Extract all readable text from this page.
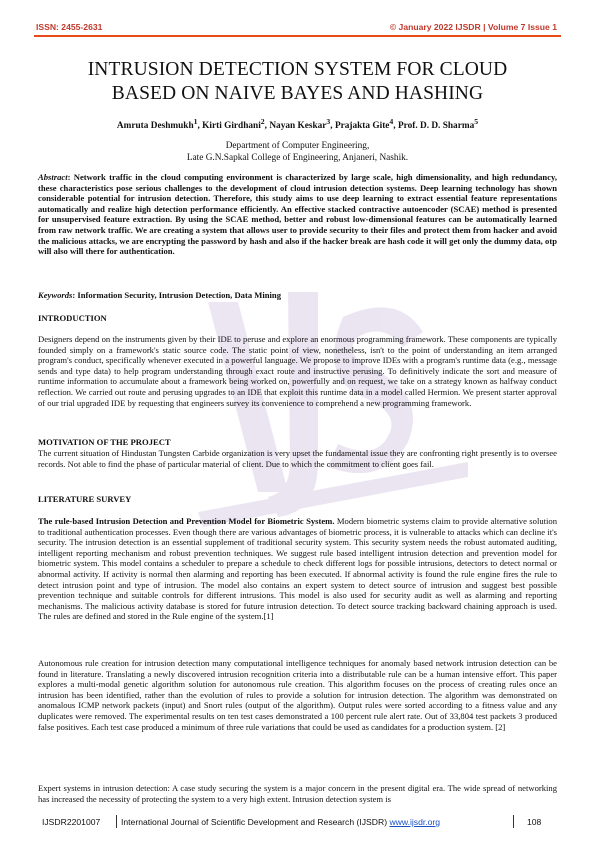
ISSN: 2455-2631	© January 2022 IJSDR | Volume 7 Issue 1
INTRUSION DETECTION SYSTEM FOR CLOUD
BASED ON NAIVE BAYES AND HASHING
Amruta Deshmukh$^1$, Kirti Girdhani$^2$, Nayan Keskar$^3$, Prajakta Gite$^4$, Prof. D. D. Sharma$^5$
Department of Computer Engineering,
Late G.N.Sapkal College of Engineering, Anjaneri, Nashik.
Abstract: Network traffic in the cloud computing environment is characterized by large scale, high dimensionality, and high redundancy, these characteristics pose serious challenges to the development of cloud intrusion detection systems. Deep learning technology has shown considerable potential for intrusion detection. Therefore, this study aims to use deep learning to extract essential feature representations automatically and realize high detection performance efficiently. An effective stacked contractive autoencoder (SCAE) method is presented for unsupervised feature extraction. By using the SCAE method, better and robust low-dimensional features can be automatically learned from raw network traffic. We are creating a system that allows user to provide security to their files and protect them from hacker and avoid the malicious attacks, we are encrypting the password by hash and also if the hacker break are hash code it will get only the dummy data, otp will also will there for authentication.
Keywords: Information Security, Intrusion Detection, Data Mining
INTRODUCTION
Designers depend on the instruments given by their IDE to peruse and explore an enormous programming framework. These components are typically founded simply on a framework's static source code. The static point of view, nonetheless, isn't to the point of understanding an item arranged program's conduct, specifically whenever executed in a powerful language. We propose to improve IDEs with a program's runtime data (e.g., message sends and type data) to help program understanding through exact route and instructive perusing. To definitively indicate the sort and measure of runtime information to accumulate about a framework being worked on, powerfully and on request, we take on a strategy known as halfway conduct reflection. We carried out route and perusing upgrades to an IDE that exploit this runtime data in a model called Hermion. We present starter approval of our trial upgraded IDE by requesting that engineers survey its convenience to comprehend a new programming framework.
MOTIVATION OF THE PROJECT
The current situation of Hindustan Tungsten Carbide organization is very upset the fundamental issue they are confronting right presently is to oversee records. Not able to find the phase of particular material of client. Due to which the commitment to client goes fail.
LITERATURE SURVEY
The rule-based Intrusion Detection and Prevention Model for Biometric System. Modern biometric systems claim to provide alternative solution to traditional authentication processes. Even though there are various advantages of biometric process, it is vulnerable to attacks which can decline it's security. The intrusion detection is an essential supplement of traditional security system. This security system needs the robust automated auditing, intelligent reporting mechanism and robust prevention techniques. We suggest rule based intelligent intrusion detection and prevention model for biometric system. This model contains a scheduler to prepare a schedule to check different logs for possible intrusions, detectors to detect normal or abnormal activity. If activity is normal then alarming and reporting has been executed. If abnormal activity is found the rule engine fires the rule to detect intrusion point and type of intrusion. The model also contains an expert system to detect source of intrusion and suggest best possible prevention technique and suitable controls for different intrusions. This model is also used for security audit as well as alarming and reporting mechanisms. The malicious activity database is stored for future intrusion detection. To detect source tracking backward chaining approach is used. The rules are defined and stored in the Rule engine of the system.[1]
Autonomous rule creation for intrusion detection many computational intelligence techniques for anomaly based network intrusion detection can be found in literature. Translating a newly discovered intrusion recognition criteria into a distributable rule can be a human intensive effort. This paper explores a multi-modal genetic algorithm solution for autonomous rule creation. This algorithm focuses on the process of creating rules once an intrusion has been identified, rather than the evolution of rules to provide a solution for intrusion detection. The algorithm was demonstrated on anomalous ICMP network packets (input) and Snort rules (output of the algorithm). Output rules were sorted according to a fitness value and any duplicates were removed. The experimental results on ten test cases demonstrated a 100 percent rule alert rate. Out of 33,804 test packets 3 produced false positives. Each test case produced a minimum of three rule variations that could be used as candidates for a production system. [2]
Expert systems in intrusion detection: A case study securing the system is a major concern in the present digital era. The wide spread of networking has increased the necessity of protecting the system to a very high extent. Intrusion detection system is
IJSDR2201007 International Journal of Scientific Development and Research (IJSDR) www.ijsdr.org	108
